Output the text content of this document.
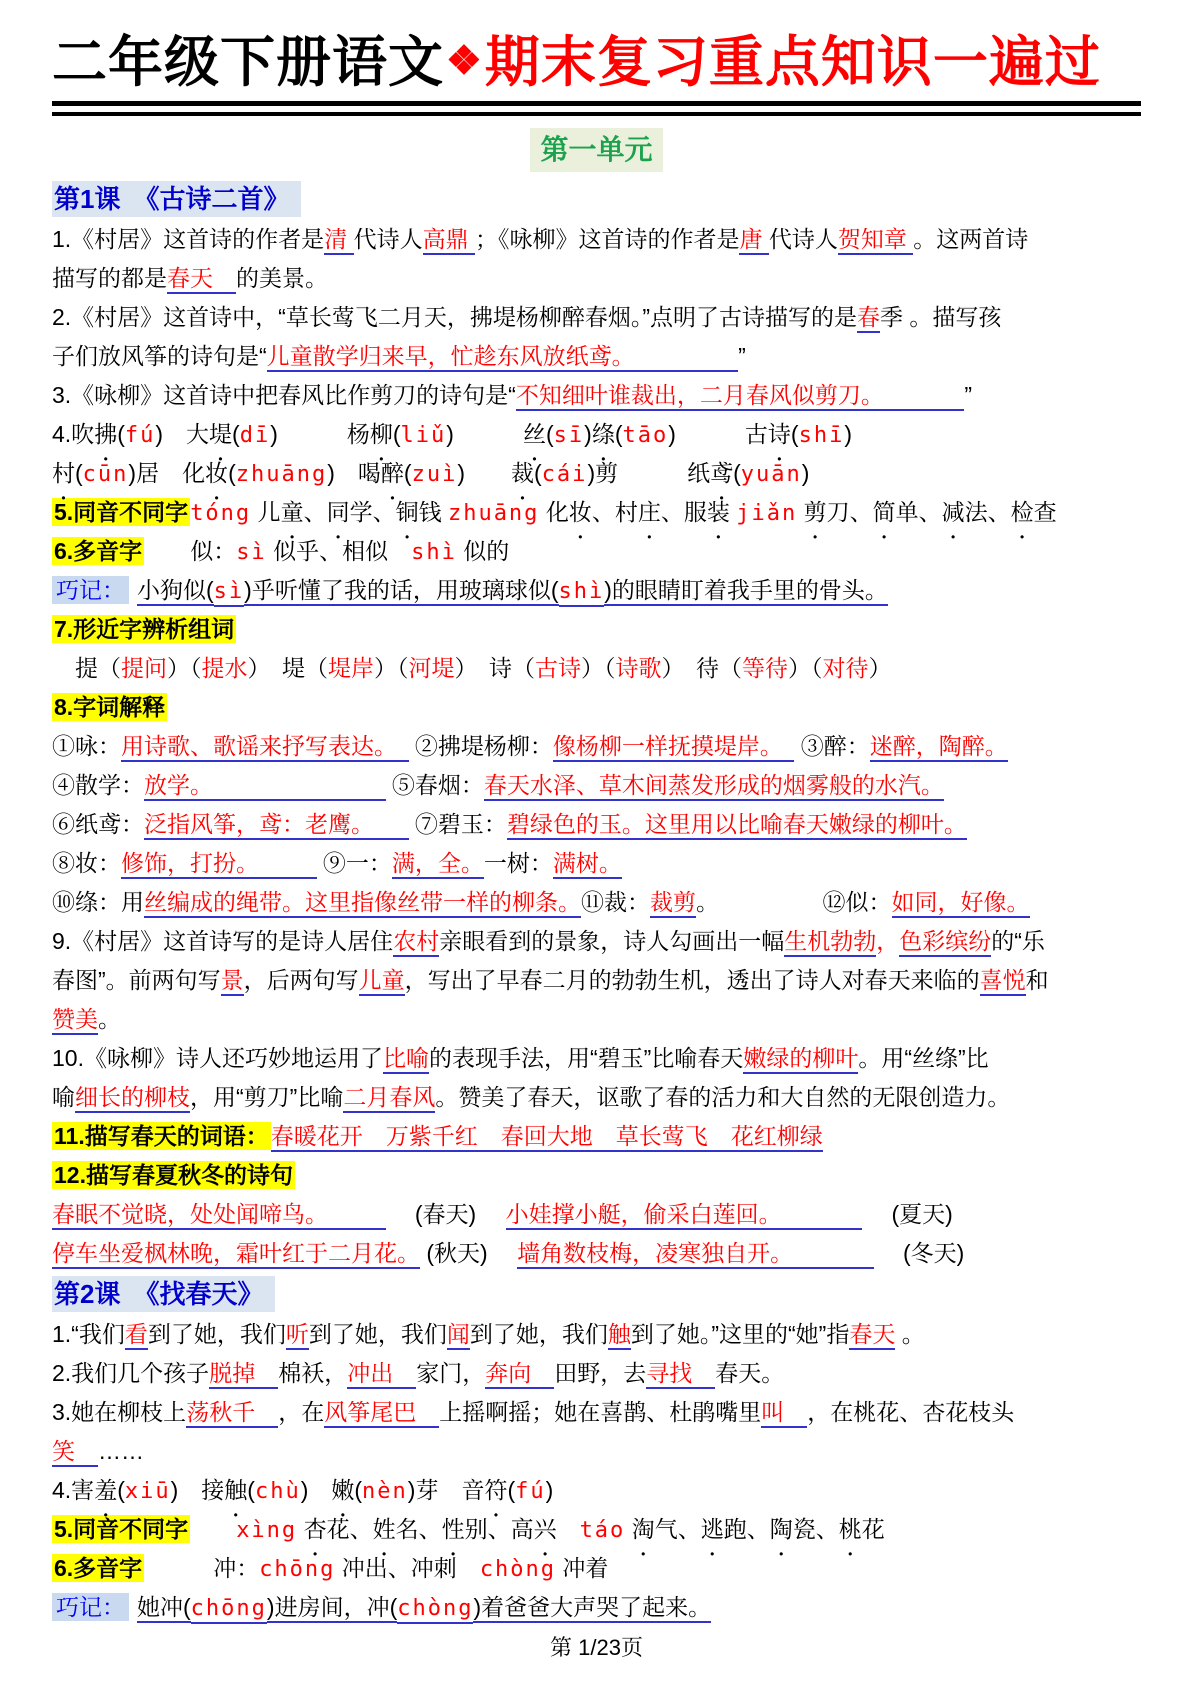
二年级下册语文❖期末复习重点知识一遍过
第一单元
第1课　《古诗二首》
1.《村居》这首诗的作者是清 代诗人高鼎 ；《咏柳》这首诗的作者是唐 代诗人贺知章 。这两首诗
描写的都是春天　的美景。
2.《村居》这首诗中，“草长莺飞二月天，拂堤杨柳醉春烟。”点明了古诗描写的是春季 。描写孩
子们放风筝的诗句是“儿童散学归来早，忙趁东风放纸鸢。　　　　　”
3.《咏柳》这首诗中把春风比作剪刀的诗句是“不知细叶谁裁出，二月春风似剪刀。　　　　”
4.吹拂(fú)　大堤(dī)　　　杨柳(liǔ)　　　丝(sī)绦(tāo)　　　古诗(shī)
村(cūn)居　化妆(zhuāng)　喝醉(zuì)　　裁(cái)剪　　　纸鸢(yuān)
5.同音不同字tóng 儿童、同学、铜钱 zhuāng 化妆、村庄、服装 jiǎn 剪刀、简单、减法、检查
6.多音字　　似：sì 似乎、相似　shì 似的
巧记： 小狗似(sì)乎听懂了我的话，用玻璃球似(shì)的眼睛盯着我手里的骨头。
7.形近字辨析组词
　提（提问）（提水）　堤（堤岸）（河堤）　诗（古诗）（诗歌）　待（等待）（对待）
8.字词解释
①咏：用诗歌、歌谣来抒写表达。　 ②拂堤杨柳：像杨柳一样抚摸堤岸。　 ③醉：迷醉，陶醉。
④散学：放学。　　　　　　　　 ⑤春烟：春天水泽、草木间蒸发形成的烟雾般的水汽。
⑥纸鸢：泛指风筝，鸢：老鹰。　　 ⑦碧玉：碧绿色的玉。这里用以比喻春天嫩绿的柳叶。
⑧妆：修饰，打扮。　　　 ⑨一：满，全。一树：满树。
⑩绦：用丝编成的绳带。这里指像丝带一样的柳条。⑪裁：裁剪。　　　　　⑫似：如同，好像。
9.《村居》这首诗写的是诗人居住农村亲眼看到的景象，诗人勾画出一幅生机勃勃，色彩缤纷的“乐
春图”。前两句写景，后两句写儿童，写出了早春二月的勃勃生机，透出了诗人对春天来临的喜悦和
赞美。
10.《咏柳》诗人还巧妙地运用了比喻的表现手法，用“碧玉”比喻春天嫩绿的柳叶。用“丝绦”比
喻细长的柳枝，用“剪刀”比喻二月春风。赞美了春天，讴歌了春的活力和大自然的无限创造力。
11.描写春天的词语：春暖花开　万紫千红　春回大地　草长莺飞　花红柳绿
12.描写春夏秋冬的诗句
春眠不觉晓，处处闻啼鸟。　　　　 (春天)　 小娃撑小艇，偷采白莲回。　　　　　 (夏天)
停车坐爱枫林晚，霜叶红于二月花。 (秋天)　 墙角数枝梅，凌寒独自开。　　　　　 (冬天)
第2课　《找春天》
1.“我们看到了她，我们听到了她，我们闻到了她，我们触到了她。”这里的“她”指春天 。
2.我们几个孩子脱掉　棉袄，冲出　家门，奔向　田野，去寻找　春天。
3.她在柳枝上荡秋千　，在风筝尾巴　上摇啊摇；她在喜鹊、杜鹃嘴里叫　，在桃花、杏花枝头
笑　……
4.害羞(xiū)　接触(chù)　嫩(nèn)芽　音符(fú)
5.同音不同字　　 xìng 杏花、姓名、性别、高兴　 táo 淘气、逃跑、陶瓷、桃花
6.多音字　　　冲：chōng 冲出、冲刺　chòng 冲着
巧记： 她冲(chōng)进房间，冲(chòng)着爸爸大声哭了起来。
第 1/23页
